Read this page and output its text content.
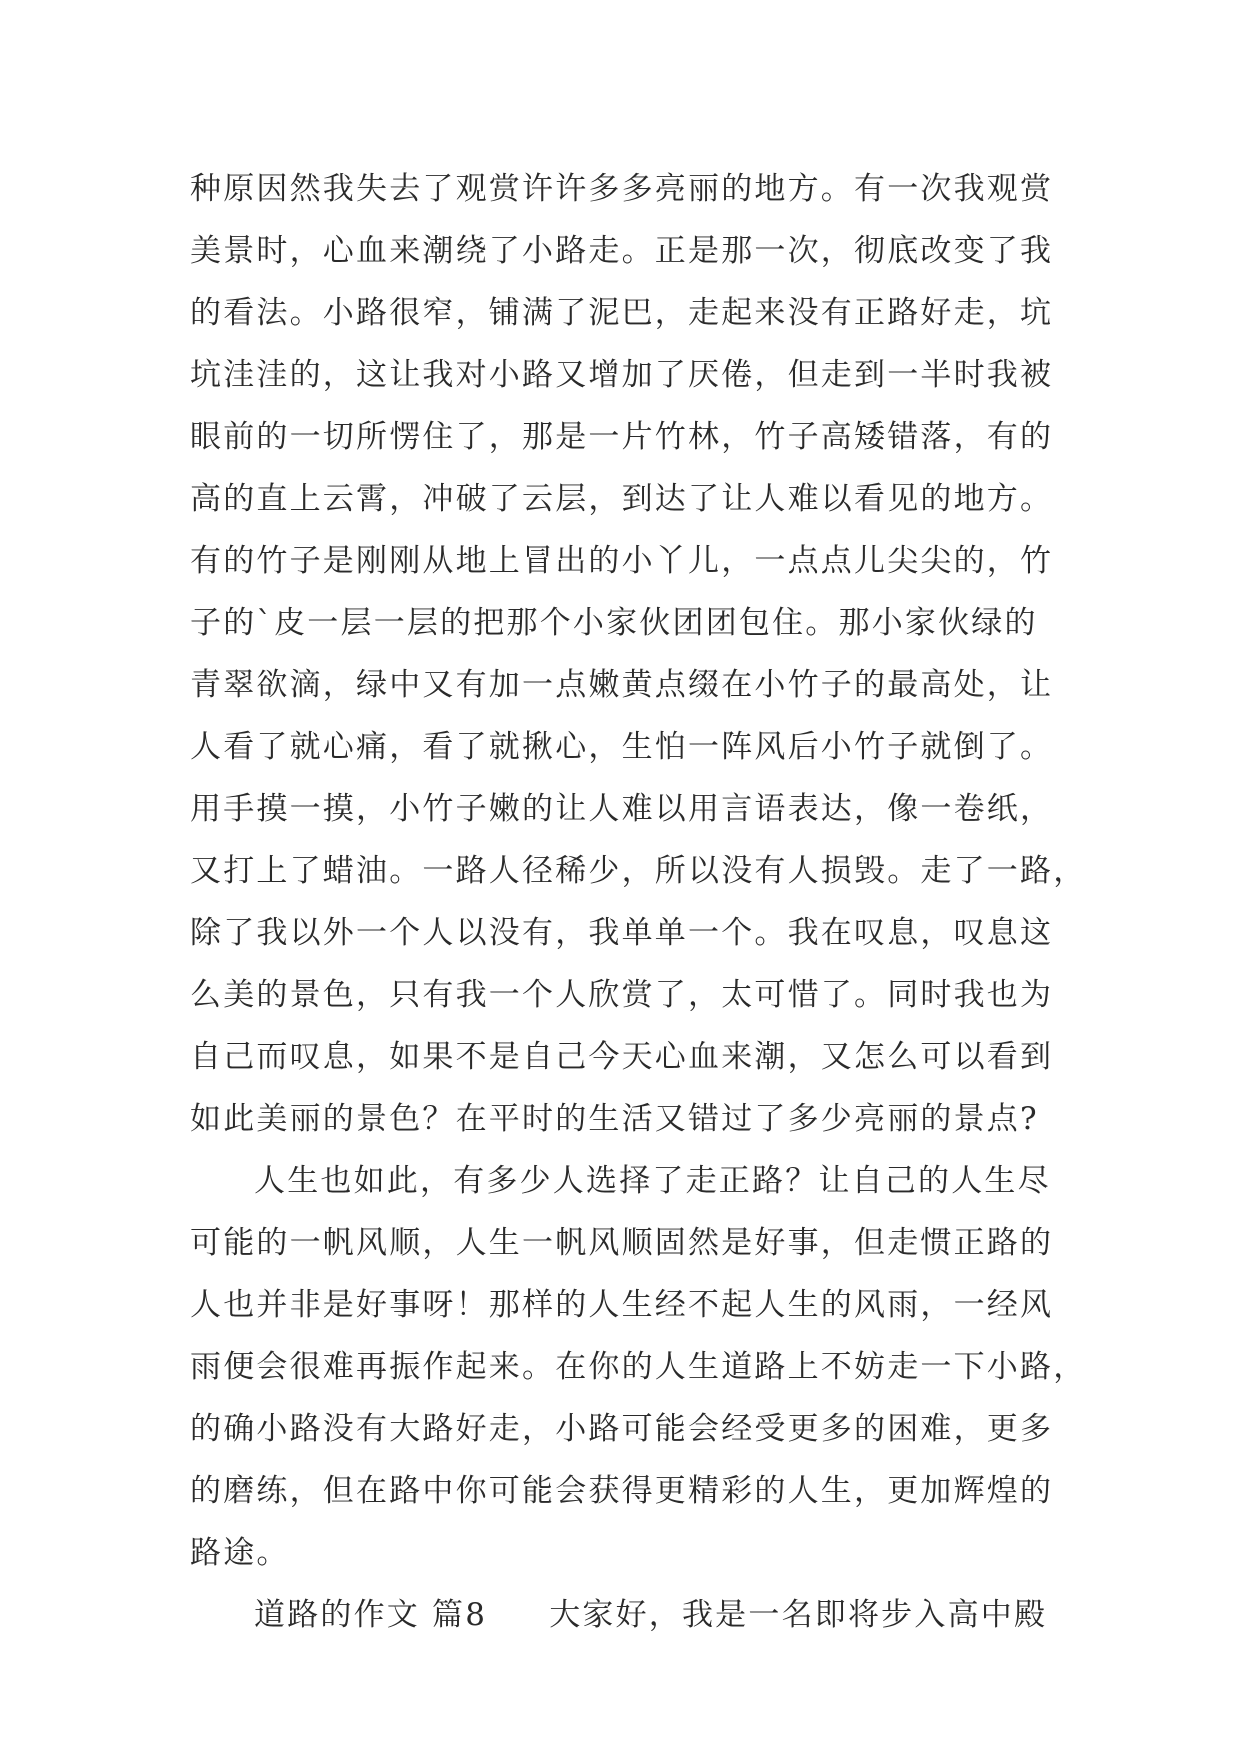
种原因然我失去了观赏许许多多亮丽的地方。有一次我观赏
美景时，心血来潮绕了小路走。正是那一次，彻底改变了我
的看法。小路很窄，铺满了泥巴，走起来没有正路好走，坑
坑洼洼的，这让我对小路又增加了厌倦，但走到一半时我被
眼前的一切所愣住了，那是一片竹林，竹子高矮错落，有的
高的直上云霄，冲破了云层，到达了让人难以看见的地方。
有的竹子是刚刚从地上冒出的小丫儿，一点点儿尖尖的，竹
子的`皮一层一层的把那个小家伙团团包住。那小家伙绿的
青翠欲滴，绿中又有加一点嫩黄点缀在小竹子的最高处，让
人看了就心痛，看了就揪心，生怕一阵风后小竹子就倒了。
用手摸一摸，小竹子嫩的让人难以用言语表达，像一卷纸，
又打上了蜡油。一路人径稀少，所以没有人损毁。走了一路，
除了我以外一个人以没有，我单单一个。我在叹息，叹息这
么美的景色，只有我一个人欣赏了，太可惜了。同时我也为
自己而叹息，如果不是自己今天心血来潮，又怎么可以看到
如此美丽的景色？在平时的生活又错过了多少亮丽的景点?
人生也如此，有多少人选择了走正路？让自己的人生尽
可能的一帆风顺，人生一帆风顺固然是好事，但走惯正路的
人也并非是好事呀！那样的人生经不起人生的风雨，一经风
雨便会很难再振作起来。在你的人生道路上不妨走一下小路，
的确小路没有大路好走，小路可能会经受更多的困难，更多
的磨练，但在路中你可能会获得更精彩的人生，更加辉煌的
路途。
道路的作文 篇8 大家好，我是一名即将步入高中殿
